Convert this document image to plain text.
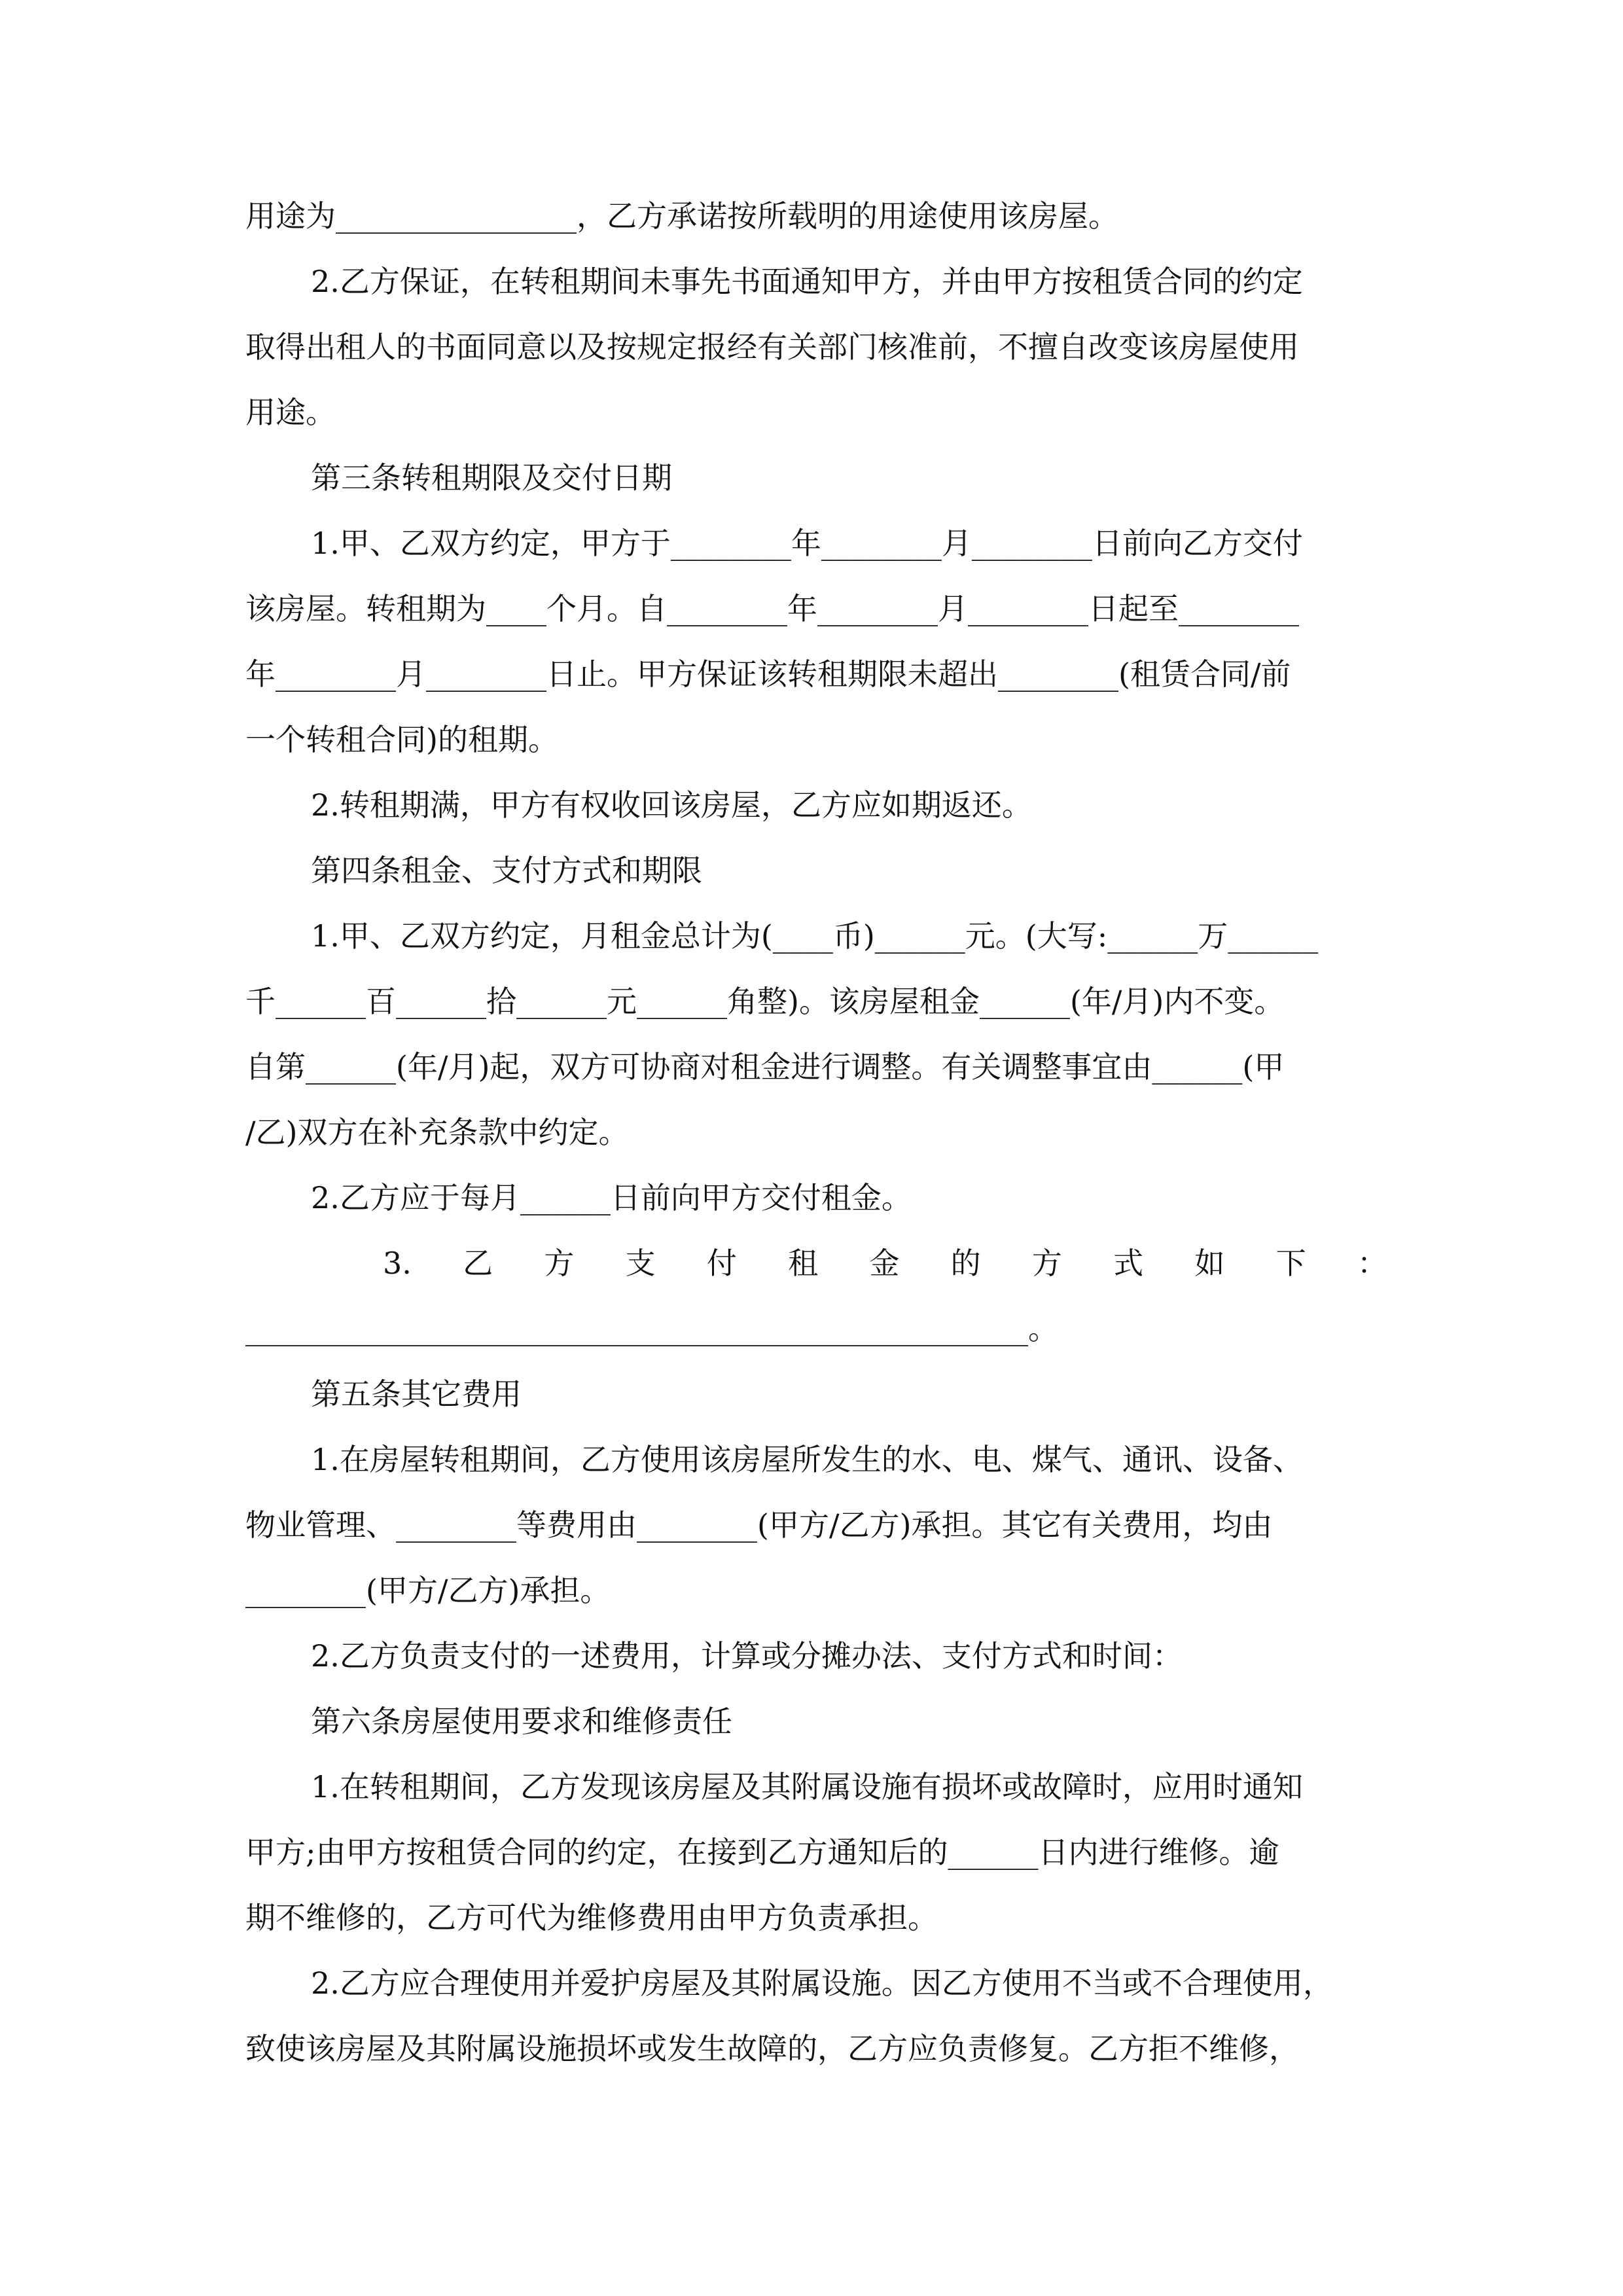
用途为________________，乙方承诺按所载明的用途使用该房屋。
2.乙方保证，在转租期间未事先书面通知甲方，并由甲方按租赁合同的约定
取得出租人的书面同意以及按规定报经有关部门核准前，不擅自改变该房屋使用
用途。
第三条转租期限及交付日期
1.甲、乙双方约定，甲方于________年________月________日前向乙方交付
该房屋。转租期为____个月。自________年________月________日起至________
年________月________日止。甲方保证该转租期限未超出________(租赁合同/前
一个转租合同)的租期。
2.转租期满，甲方有权收回该房屋，乙方应如期返还。
第四条租金、支付方式和期限
1.甲、乙双方约定，月租金总计为(____币)______元。(大写:______万______
千______百______拾______元______角整)。该房屋租金______(年/月)内不变。
自第______(年/月)起，双方可协商对租金进行调整。有关调整事宜由______(甲
/乙)双方在补充条款中约定。
2.乙方应于每月______日前向甲方交付租金。
3. 乙 方 支 付 租 金 的 方 式 如 下 ：
____________________________________________________。
第五条其它费用
1.在房屋转租期间，乙方使用该房屋所发生的水、电、煤气、通讯、设备、
物业管理、________等费用由________(甲方/乙方)承担。其它有关费用，均由
________(甲方/乙方)承担。
2.乙方负责支付的一述费用，计算或分摊办法、支付方式和时间：
第六条房屋使用要求和维修责任
1.在转租期间，乙方发现该房屋及其附属设施有损坏或故障时，应用时通知
甲方;由甲方按租赁合同的约定，在接到乙方通知后的______日内进行维修。逾
期不维修的，乙方可代为维修费用由甲方负责承担。
2.乙方应合理使用并爱护房屋及其附属设施。因乙方使用不当或不合理使用，
致使该房屋及其附属设施损坏或发生故障的，乙方应负责修复。乙方拒不维修，
